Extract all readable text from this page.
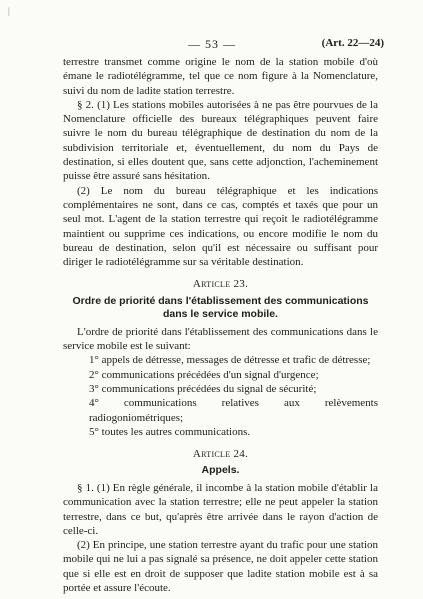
|
— 53 —	(Art. 22—24)

terrestre transmet comme origine le nom de la station mobile d'où émane le radiotélégramme, tel que ce nom figure à la Nomenclature, suivi du nom de ladite station terrestre.

§ 2. (1) Les stations mobiles autorisées à ne pas être pourvues de la Nomenclature officielle des bureaux télégraphiques peuvent faire suivre le nom du bureau télégraphique de destination du nom de la subdivision territoriale et, éventuellement, du nom du Pays de destination, si elles doutent que, sans cette adjonction, l'acheminement puisse être assuré sans hésitation.

(2) Le nom du bureau télégraphique et les indications complémentaires ne sont, dans ce cas, comptés et taxés que pour un seul mot. L'agent de la station terrestre qui reçoit le radiotélégramme maintient ou supprime ces indications, ou encore modifie le nom du bureau de destination, selon qu'il est nécessaire ou suffisant pour diriger le radiotélégramme sur sa véritable destination.

Article 23.

Ordre de priorité dans l'établissement des communications dans le service mobile.

L'ordre de priorité dans l'établissement des communications dans le service mobile est le suivant:

1° appels de détresse, messages de détresse et trafic de détresse;
2° communications précédées d'un signal d'urgence;
3° communications précédées du signal de sécurité;
4° communications relatives aux relèvements radiogoniométriques;
5° toutes les autres communications.

Article 24.

Appels.

§ 1. (1) En règle générale, il incombe à la station mobile d'établir la communication avec la station terrestre; elle ne peut appeler la station terrestre, dans ce but, qu'après être arrivée dans le rayon d'action de celle-ci.

(2) En principe, une station terrestre ayant du trafic pour une station mobile qui ne lui a pas signalé sa présence, ne doit appeler cette station que si elle est en droit de supposer que ladite station mobile est à sa portée et assure l'écoute.
